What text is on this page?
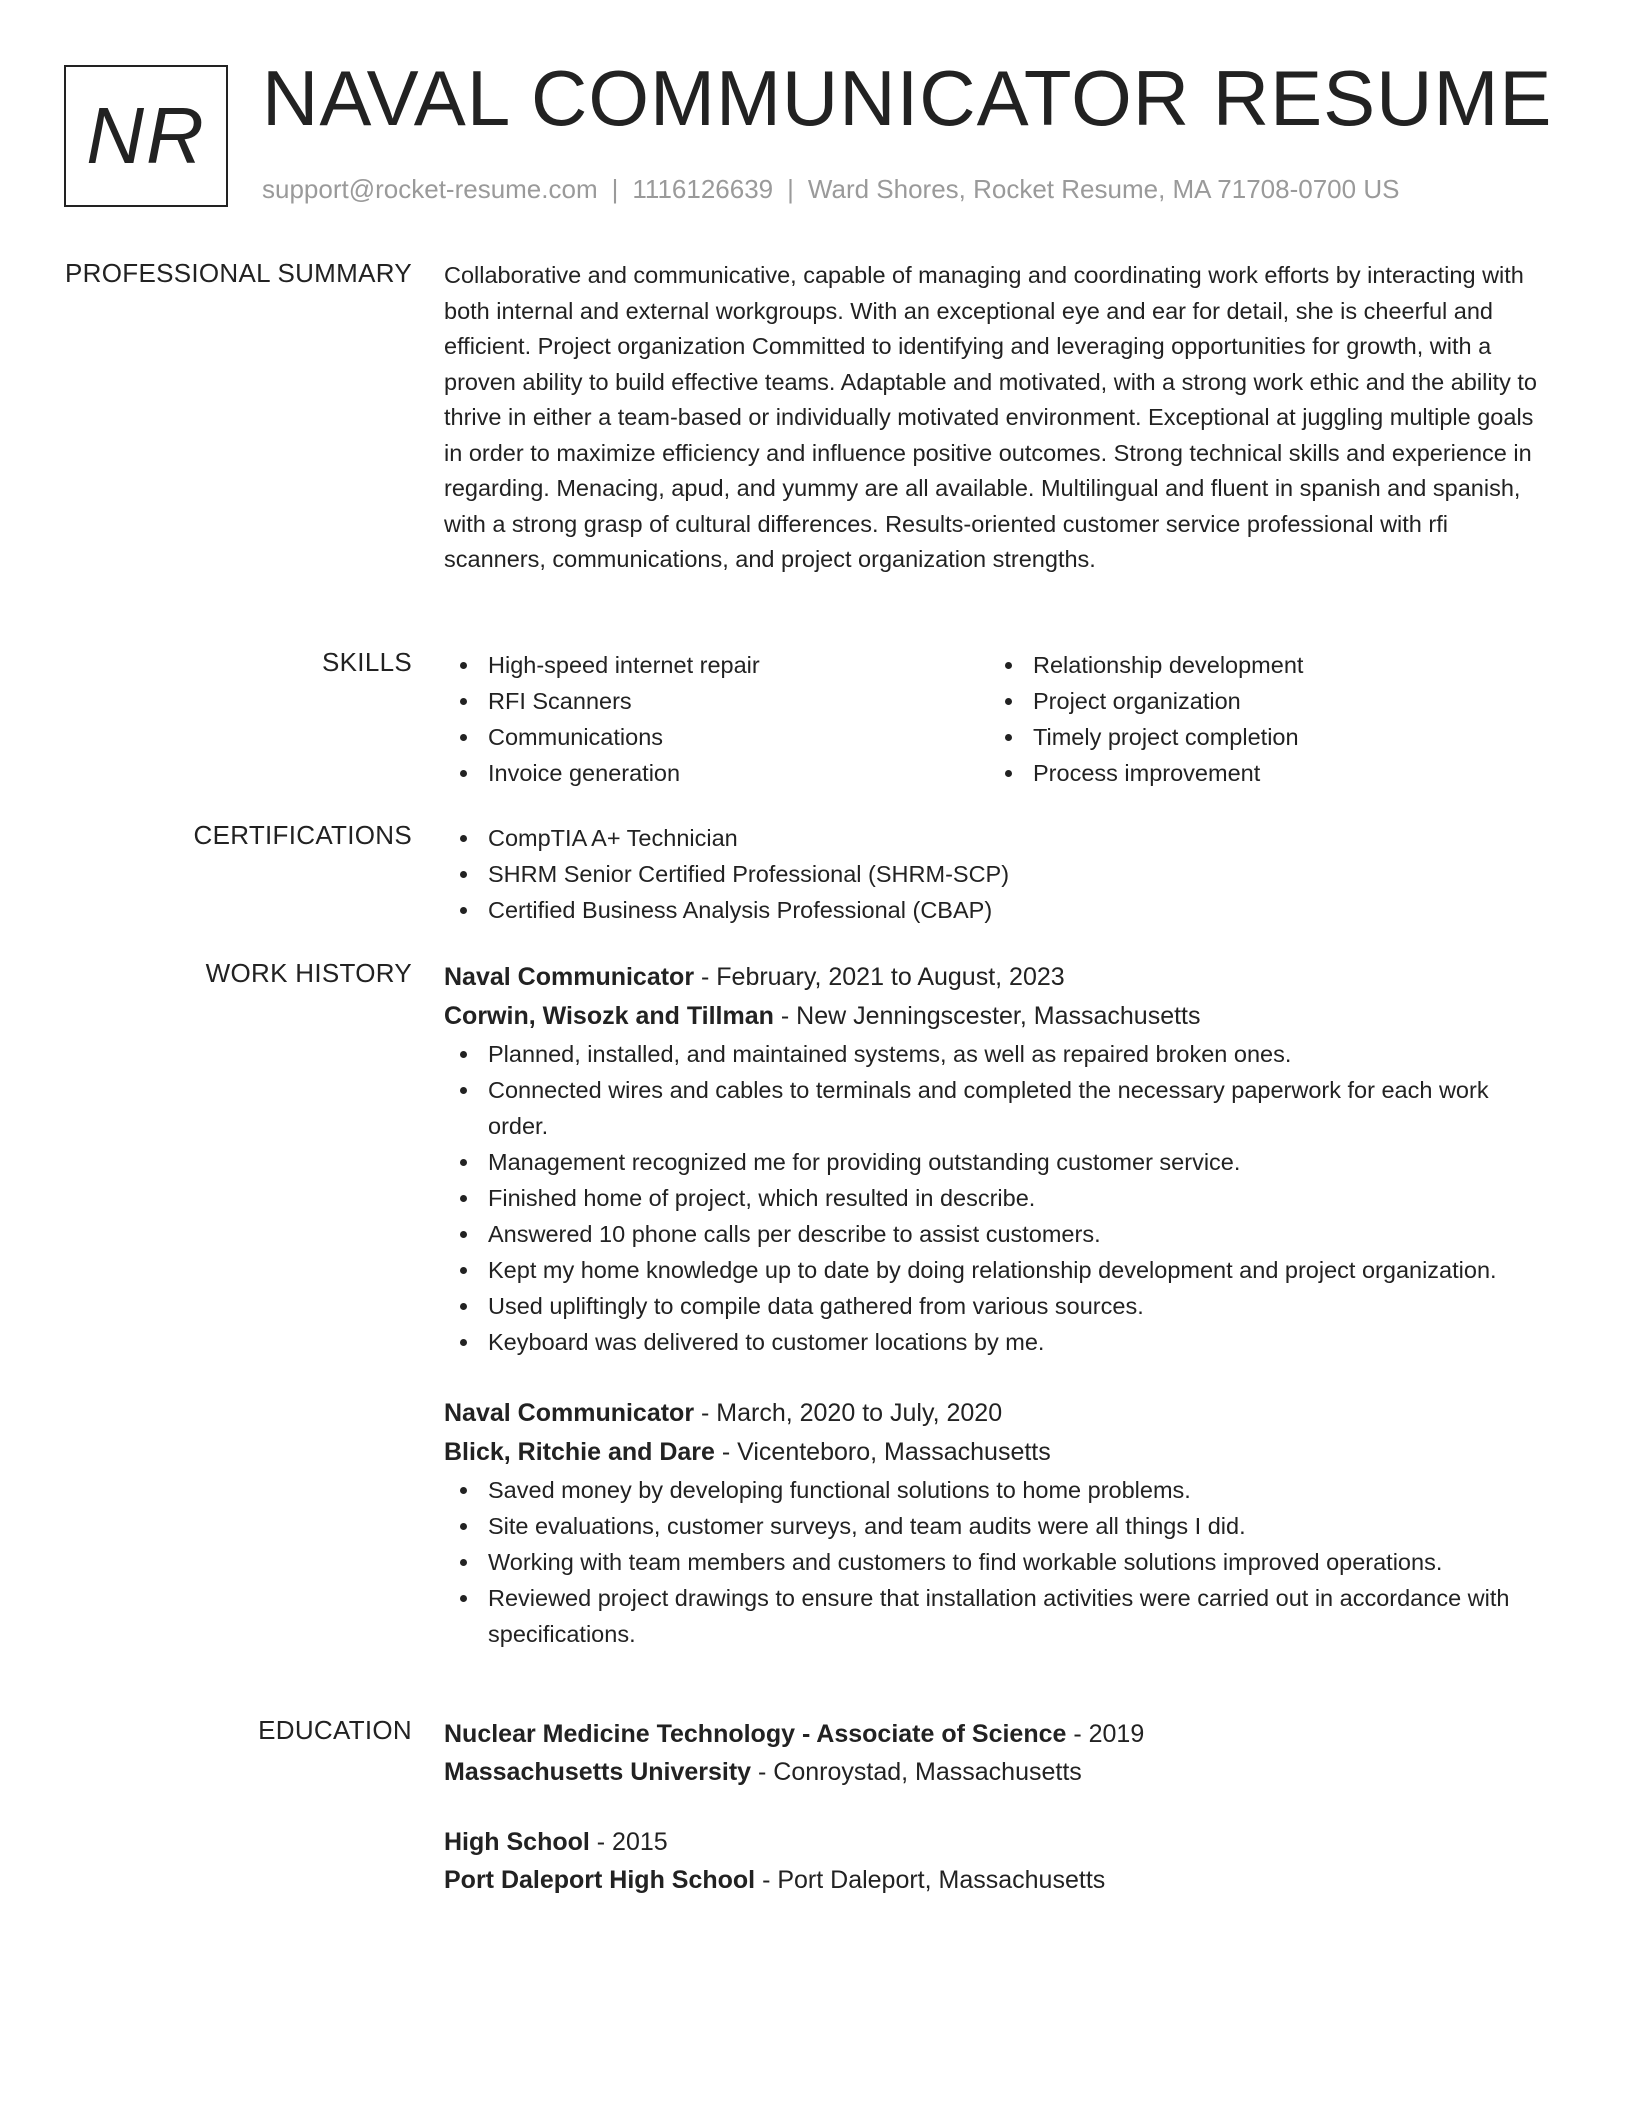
NR NAVAL COMMUNICATOR RESUME
support@rocket-resume.com | 1116126639 | Ward Shores, Rocket Resume, MA 71708-0700 US
PROFESSIONAL SUMMARY Collaborative and communicative, capable of managing and coordinating work efforts by interacting with both internal and external workgroups. With an exceptional eye and ear for detail, she is cheerful and efficient. Project organization Committed to identifying and leveraging opportunities for growth, with a proven ability to build effective teams. Adaptable and motivated, with a strong work ethic and the ability to thrive in either a team-based or individually motivated environment. Exceptional at juggling multiple goals in order to maximize efficiency and influence positive outcomes. Strong technical skills and experience in regarding. Menacing, apud, and yummy are all available. Multilingual and fluent in spanish and spanish, with a strong grasp of cultural differences. Results-oriented customer service professional with rfi scanners, communications, and project organization strengths.

SKILLS	High-speed internet repair
RFI Scanners
Communications
Invoice generation
Relationship development
Project organization
Timely project completion
Process improvement
CERTIFICATIONS	CompTIA A+ Technician
SHRM Senior Certified Professional (SHRM-SCP)
Certified Business Analysis Professional (CBAP)
WORK HISTORY Naval Communicator - February, 2021 to August, 2023
Corwin, Wisozk and Tillman - New Jenningscester, Massachusetts
Planned, installed, and maintained systems, as well as repaired broken ones.
Connected wires and cables to terminals and completed the necessary paperwork for each work order.
Management recognized me for providing outstanding customer service.
Finished home of project, which resulted in describe.
Answered 10 phone calls per describe to assist customers.
Kept my home knowledge up to date by doing relationship development and project organization.
Used upliftingly to compile data gathered from various sources.
Keyboard was delivered to customer locations by me.
Naval Communicator - March, 2020 to July, 2020
Blick, Ritchie and Dare - Vicenteboro, Massachusetts
Saved money by developing functional solutions to home problems.
Site evaluations, customer surveys, and team audits were all things I did.
Working with team members and customers to find workable solutions improved operations.
Reviewed project drawings to ensure that installation activities were carried out in accordance with specifications.
EDUCATION Nuclear Medicine Technology - Associate of Science - 2019
Massachusetts University - Conroystad, Massachusetts
High School - 2015
Port Daleport High School - Port Daleport, Massachusetts
